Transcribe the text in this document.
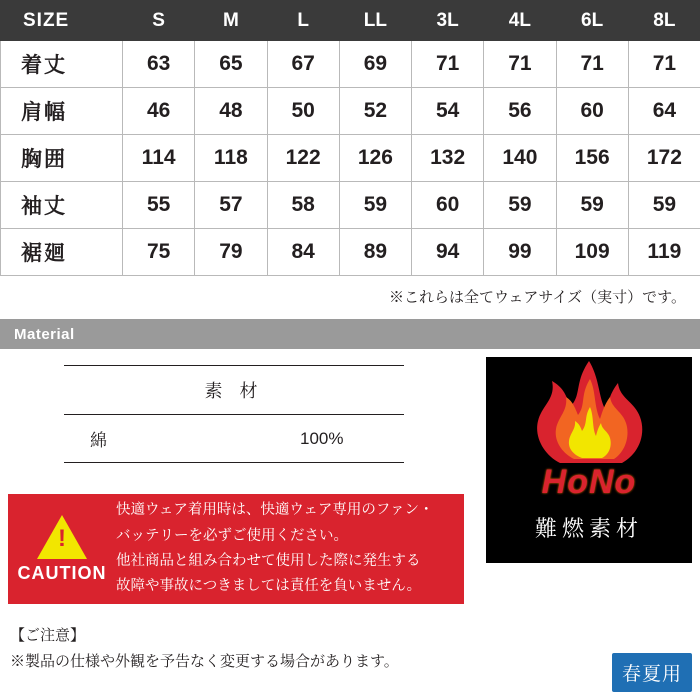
SIZE	S	M	L	LL	3L	4L	6L	8L
着丈	63	65	67	69	71	71	71	71
肩幅	46	48	50	52	54	56	60	64
胸囲	114	118	122	126	132	140	156	172
袖丈	55	57	58	59	60	59	59	59
裾廻	75	79	84	89	94	99	109	119
※これらは全てウェアサイズ（実寸）です。
Material
素 材
綿	100%
!
CAUTION
快適ウェア着用時は、快適ウェア専用のファン・
バッテリーを必ずご使用ください。
他社商品と組み合わせて使用した際に発生する
故障や事故につきましては責任を負いません。
HoNo
難燃素材
【ご注意】
※製品の仕様や外観を予告なく変更する場合があります。
春夏用
